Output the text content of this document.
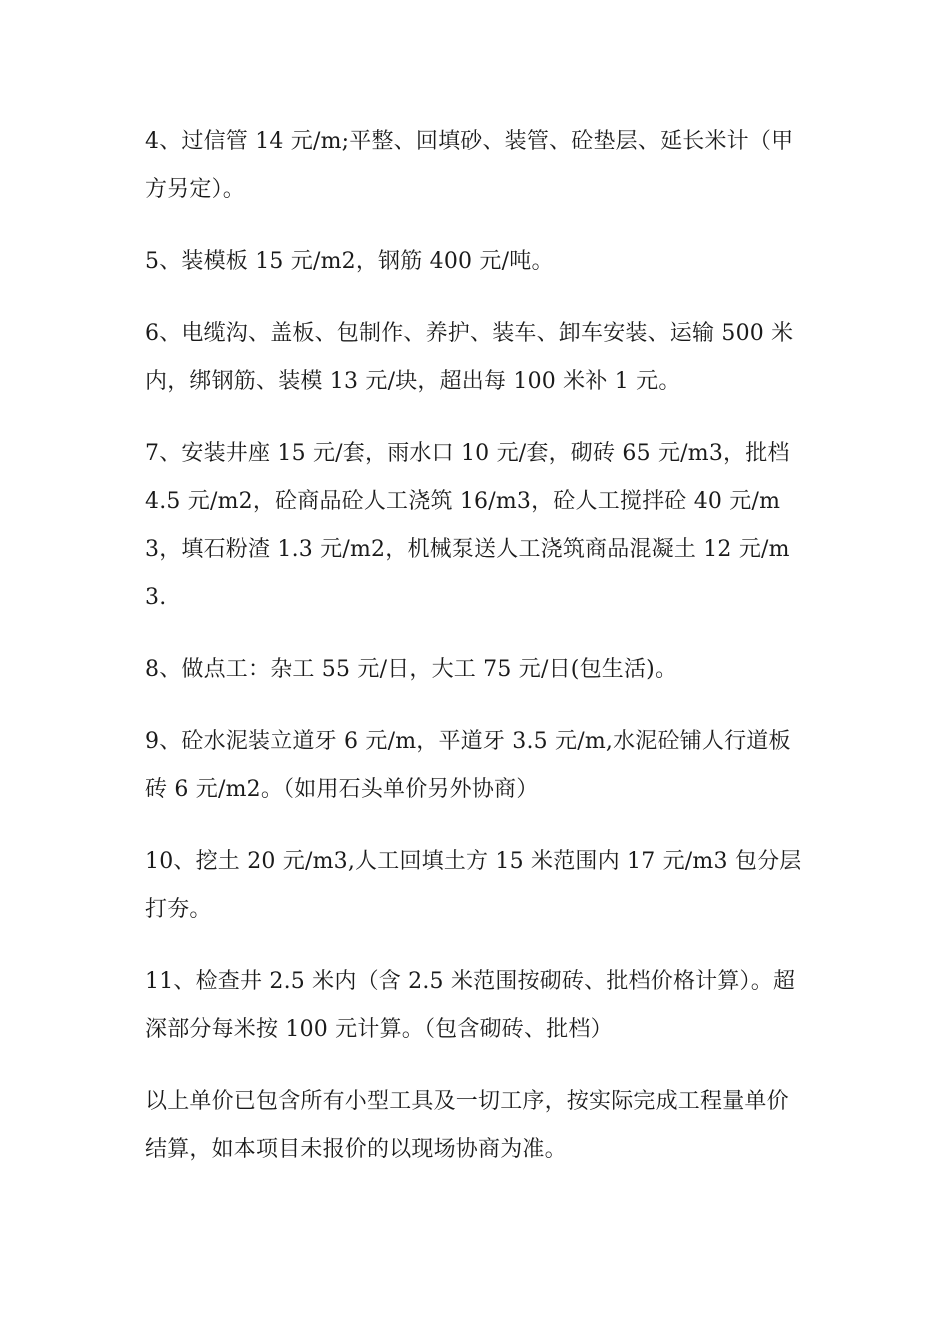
4、过信管 14 元/m;平整、回填砂、装管、砼垫层、延长米计（甲方另定）。

5、装模板 15 元/m2，钢筋 400 元/吨。

6、电缆沟、盖板、包制作、养护、装车、卸车安装、运输 500 米内，绑钢筋、装模 13 元/块，超出每 100 米补 1 元。

7、安装井座 15 元/套，雨水口 10 元/套，砌砖 65 元/m3，批档 4.5 元/m2，砼商品砼人工浇筑 16/m3，砼人工搅拌砼 40 元/m3，填石粉渣 1.3 元/m2，机械泵送人工浇筑商品混凝土 12 元/m3.

8、做点工：杂工 55 元/日，大工 75 元/日(包生活)。

9、砼水泥装立道牙 6 元/m，平道牙 3.5 元/m,水泥砼铺人行道板砖 6 元/m2。（如用石头单价另外协商）

10、挖土 20 元/m3,人工回填土方 15 米范围内 17 元/m3 包分层打夯。

11、检查井 2.5 米内（含 2.5 米范围按砌砖、批档价格计算）。超深部分每米按 100 元计算。（包含砌砖、批档）

以上单价已包含所有小型工具及一切工序，按实际完成工程量单价结算，如本项目未报价的以现场协商为准。
